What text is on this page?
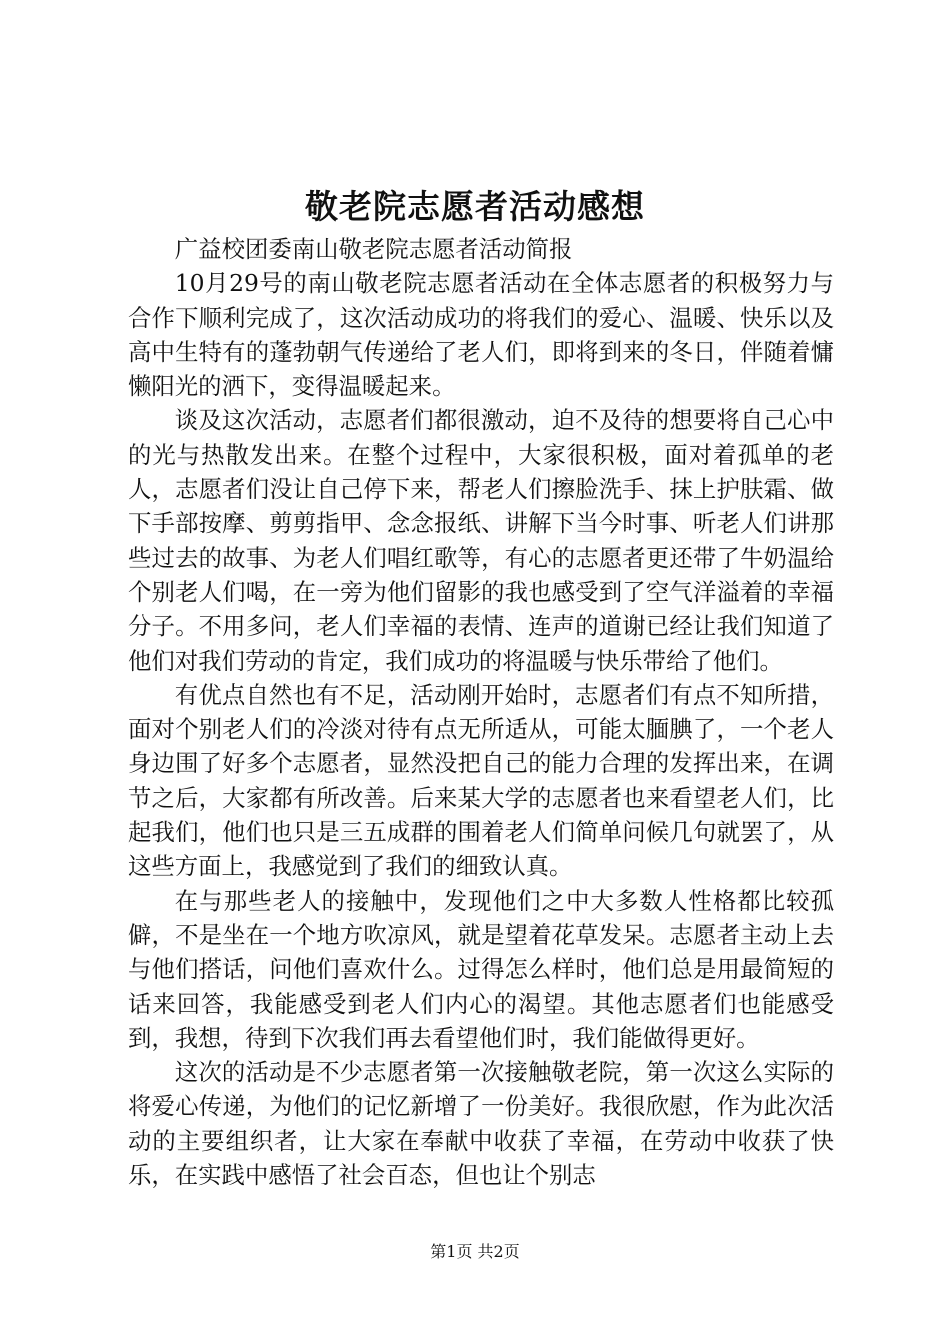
敬老院志愿者活动感想

广益校团委南山敬老院志愿者活动简报

10月29号的南山敬老院志愿者活动在全体志愿者的积极努力与合作下顺利完成了，这次活动成功的将我们的爱心、温暖、快乐以及高中生特有的蓬勃朝气传递给了老人们，即将到来的冬日，伴随着慵懒阳光的洒下，变得温暖起来。

谈及这次活动，志愿者们都很激动，迫不及待的想要将自己心中的光与热散发出来。在整个过程中，大家很积极，面对着孤单的老人，志愿者们没让自己停下来，帮老人们擦脸洗手、抹上护肤霜、做下手部按摩、剪剪指甲、念念报纸、讲解下当今时事、听老人们讲那些过去的故事、为老人们唱红歌等，有心的志愿者更还带了牛奶温给个别老人们喝，在一旁为他们留影的我也感受到了空气洋溢着的幸福分子。不用多问，老人们幸福的表情、连声的道谢已经让我们知道了他们对我们劳动的肯定，我们成功的将温暖与快乐带给了他们。

有优点自然也有不足，活动刚开始时，志愿者们有点不知所措，面对个别老人们的冷淡对待有点无所适从，可能太腼腆了，一个老人身边围了好多个志愿者，显然没把自己的能力合理的发挥出来，在调节之后，大家都有所改善。后来某大学的志愿者也来看望老人们，比起我们，他们也只是三五成群的围着老人们简单问候几句就罢了，从这些方面上，我感觉到了我们的细致认真。

在与那些老人的接触中，发现他们之中大多数人性格都比较孤僻，不是坐在一个地方吹凉风，就是望着花草发呆。志愿者主动上去与他们搭话，问他们喜欢什么。过得怎么样时，他们总是用最简短的话来回答，我能感受到老人们内心的渴望。其他志愿者们也能感受到，我想，待到下次我们再去看望他们时，我们能做得更好。

这次的活动是不少志愿者第一次接触敬老院，第一次这么实际的将爱心传递，为他们的记忆新增了一份美好。我很欣慰，作为此次活动的主要组织者，让大家在奉献中收获了幸福，在劳动中收获了快乐，在实践中感悟了社会百态，但也让个别志

第1页 共2页
